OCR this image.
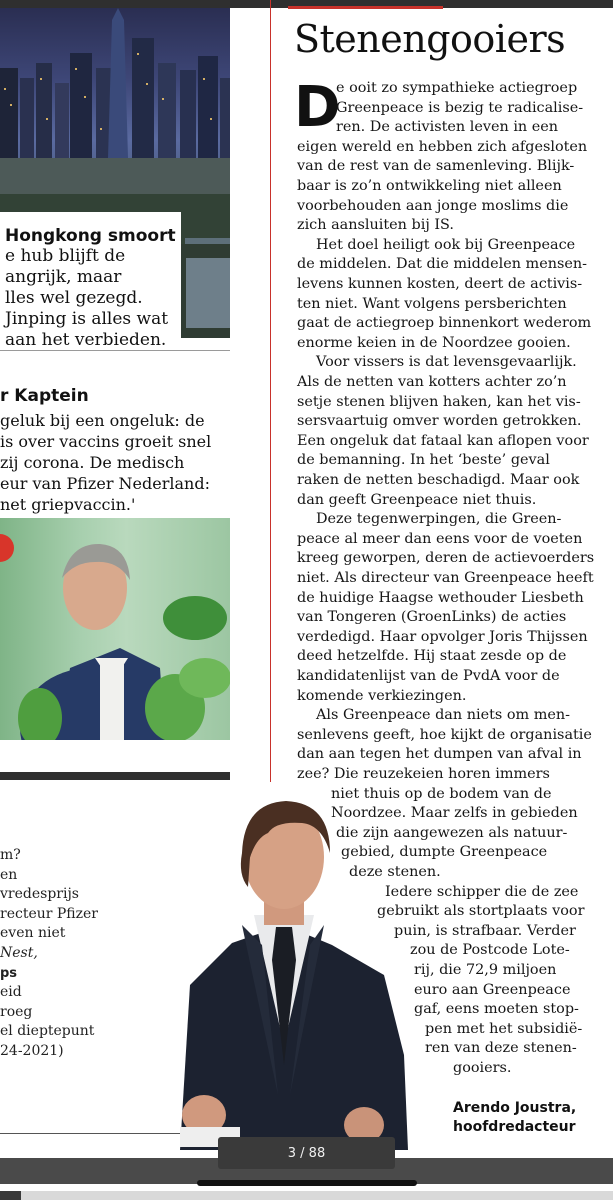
Hongkong smoort
e hub blijft de
angrijk, maar
lles wel gezegd.
Jinping is alles wat
aan het verbieden.
r Kaptein
geluk bij een ongeluk: de
is over vaccins groeit snel
zij corona. De medisch
eur van Pfizer Nederland:
net griepvaccin.'
m?
en
vredesprijs
recteur Pfizer
even niet
Nest,
ps
eid
roeg
el dieptepunt
24-2021)
Stenengooiers
D
e ooit zo sympathieke actiegroep
Greenpeace is bezig te radicalise-
ren. De activisten leven in een
eigen wereld en hebben zich afgesloten
van de rest van de samenleving. Blijk-
baar is zo’n ontwikkeling niet alleen
voorbehouden aan jonge moslims die
zich aansluiten bij IS.
Het doel heiligt ook bij Greenpeace
de middelen. Dat die middelen mensen-
levens kunnen kosten, deert de activis-
ten niet. Want volgens persberichten
gaat de actiegroep binnenkort wederom
enorme keien in de Noordzee gooien.
Voor vissers is dat levensgevaarlijk.
Als de netten van kotters achter zo’n
setje stenen blijven haken, kan het vis-
sersvaartuig omver worden getrokken.
Een ongeluk dat fataal kan aflopen voor
de bemanning. In het ‘beste’ geval
raken de netten beschadigd. Maar ook
dan geeft Greenpeace niet thuis.
Deze tegenwerpingen, die Green-
peace al meer dan eens voor de voeten
kreeg geworpen, deren de actievoerders
niet. Als directeur van Greenpeace heeft
de huidige Haagse wethouder Liesbeth
van Tongeren (GroenLinks) de acties
verdedigd. Haar opvolger Joris Thijssen
deed hetzelfde. Hij staat zesde op de
kandidatenlijst van de PvdA voor de
komende verkiezingen.
Als Greenpeace dan niets om men-
senlevens geeft, hoe kijkt de organisatie
dan aan tegen het dumpen van afval in
zee? Die reuzekeien horen immers
niet thuis op de bodem van de
Noordzee. Maar zelfs in gebieden
die zijn aangewezen als natuur-
gebied, dumpte Greenpeace
deze stenen.
Iedere schipper die de zee
gebruikt als stortplaats voor
puin, is strafbaar. Verder
zou de Postcode Lote-
rij, die 72,9 miljoen
euro aan Greenpeace
gaf, eens moeten stop-
pen met het subsidië-
ren van deze stenen-
gooiers.
Arendo Joustra,
hoofdredacteur
3 / 88
